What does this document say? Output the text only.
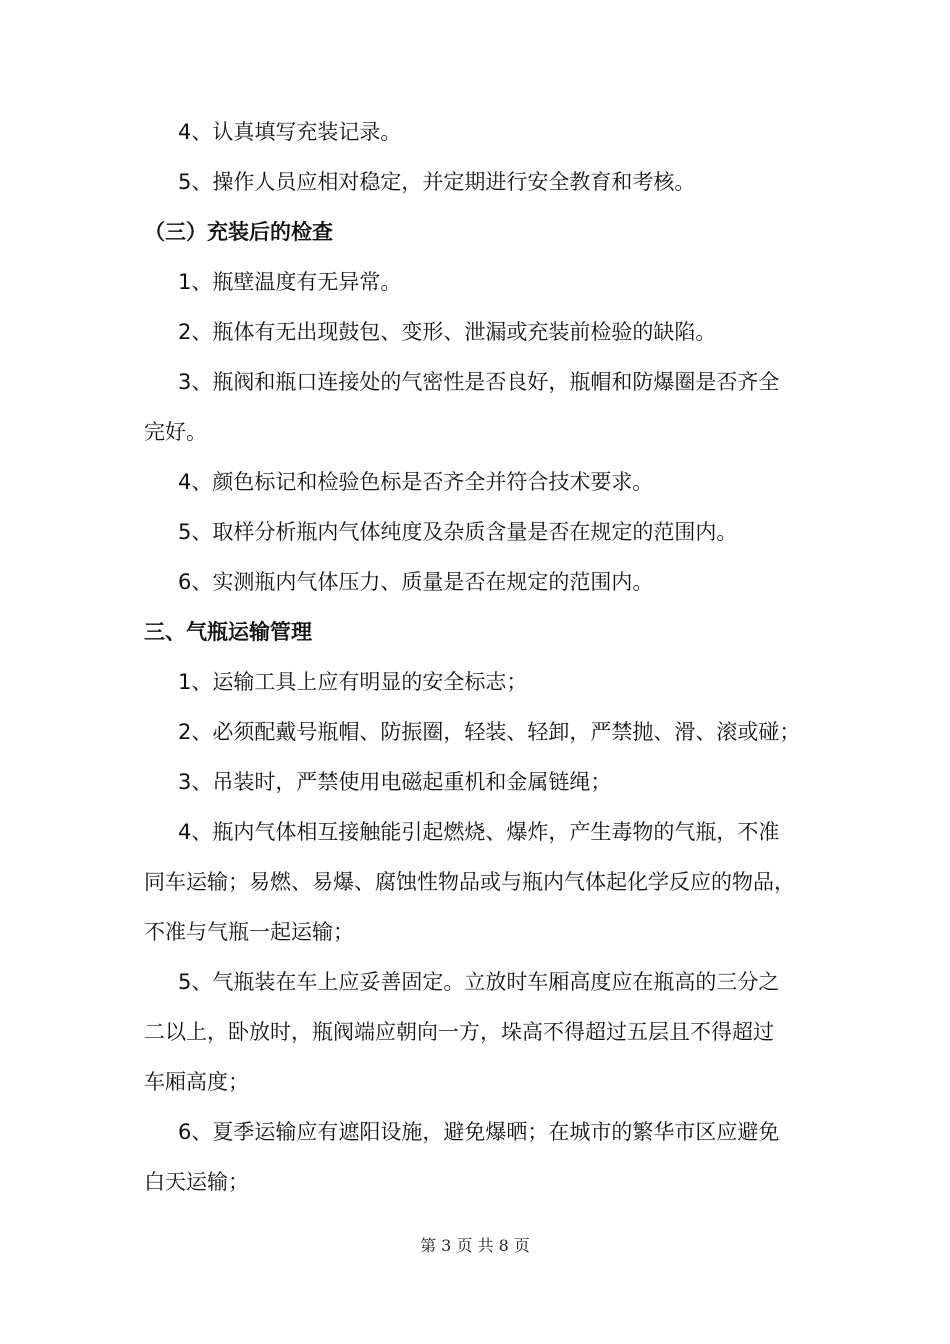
4、认真填写充装记录。
5、操作人员应相对稳定，并定期进行安全教育和考核。
（三）充装后的检查
1、瓶壁温度有无异常。
2、瓶体有无出现鼓包、变形、泄漏或充装前检验的缺陷。
3、瓶阀和瓶口连接处的气密性是否良好，瓶帽和防爆圈是否齐全
完好。
4、颜色标记和检验色标是否齐全并符合技术要求。
5、取样分析瓶内气体纯度及杂质含量是否在规定的范围内。
6、实测瓶内气体压力、质量是否在规定的范围内。
三、气瓶运输管理
1、运输工具上应有明显的安全标志；
2、必须配戴号瓶帽、防振圈，轻装、轻卸，严禁抛、滑、滚或碰；
3、吊装时，严禁使用电磁起重机和金属链绳；
4、瓶内气体相互接触能引起燃烧、爆炸，产生毒物的气瓶，不准
同车运输；易燃、易爆、腐蚀性物品或与瓶内气体起化学反应的物品，
不准与气瓶一起运输；
5、气瓶装在车上应妥善固定。立放时车厢高度应在瓶高的三分之
二以上，卧放时，瓶阀端应朝向一方，垛高不得超过五层且不得超过
车厢高度；
6、夏季运输应有遮阳设施，避免爆晒；在城市的繁华市区应避免
白天运输；
第 3 页 共 8 页
